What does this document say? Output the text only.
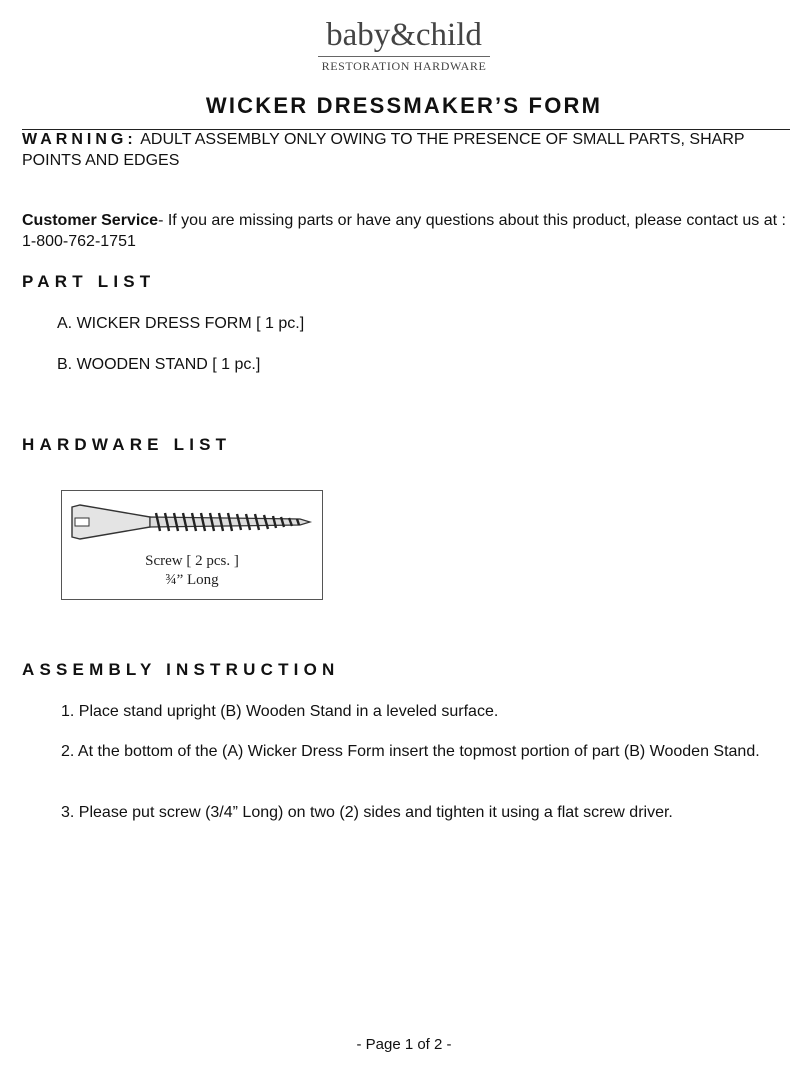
baby&child
RESTORATION HARDWARE
WICKER DRESSMAKER’S FORM
WARNING: ADULT ASSEMBLY ONLY OWING TO THE PRESENCE OF SMALL PARTS, SHARP POINTS AND EDGES
Customer Service- If you are missing parts or have any questions about this product, please contact us at : 1-800-762-1751
PART LIST
A. WICKER DRESS FORM [ 1 pc.]
B. WOODEN STAND [ 1 pc.]
HARDWARE LIST
Screw [ 2 pcs. ]
¾” Long
ASSEMBLY INSTRUCTION
1. Place stand upright (B) Wooden Stand in a leveled surface.
2. At the bottom of the (A) Wicker Dress Form insert the topmost portion of part (B) Wooden Stand.
3. Please put screw (3/4” Long) on two (2) sides and tighten it using a flat screw driver.
- Page 1 of 2 -
